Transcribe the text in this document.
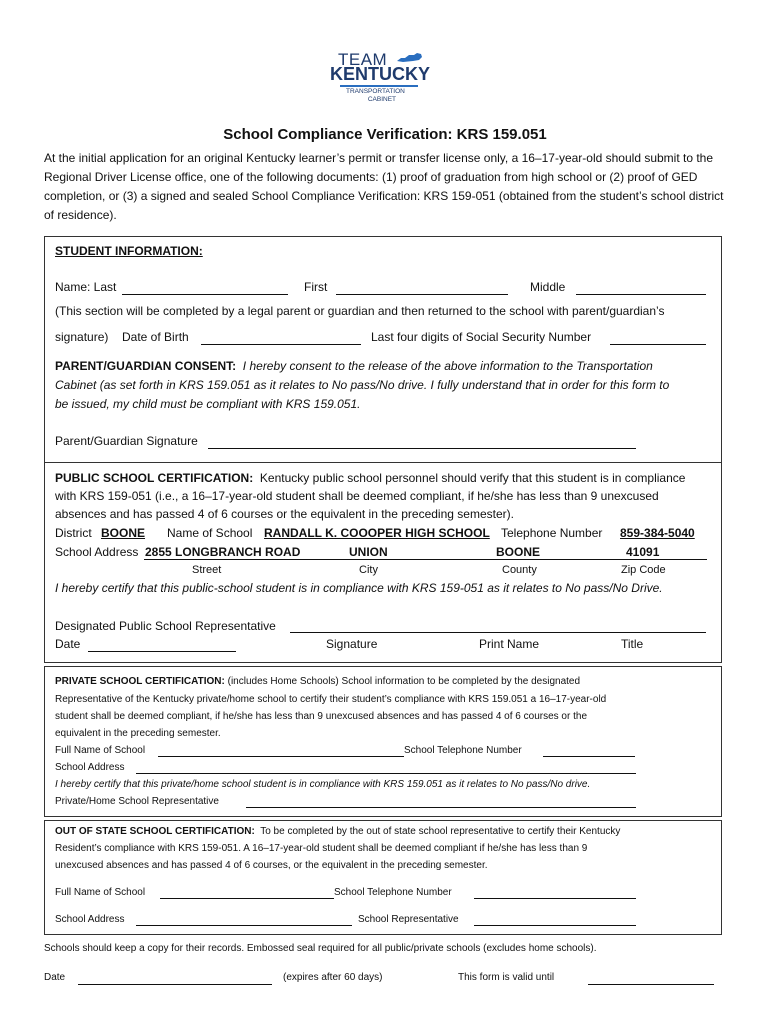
TEAM
KENTUCKY
TRANSPORTATION
CABINET
School Compliance Verification: KRS 159.051
At the initial application for an original Kentucky learner’s permit or transfer license only, a 16–17-year-old should submit to the Regional Driver License office, one of the following documents: (1) proof of graduation from high school or (2) proof of GED completion, or (3) a signed and sealed School Compliance Verification: KRS 159-051 (obtained from the student’s school district of residence).
STUDENT INFORMATION:
Name: Last	First	Middle
(This section will be completed by a legal parent or guardian and then returned to the school with parent/guardian’s
signature) Date of Birth	Last four digits of Social Security Number
PARENT/GUARDIAN CONSENT: I hereby consent to the release of the above information to the Transportation
Cabinet (as set forth in KRS 159.051 as it relates to No pass/No drive. I fully understand that in order for this form to
be issued, my child must be compliant with KRS 159.051.
Parent/Guardian Signature
PUBLIC SCHOOL CERTIFICATION: Kentucky public school personnel should verify that this student is in compliance
with KRS 159-051 (i.e., a 16–17-year-old student shall be deemed compliant, if he/she has less than 9 unexcused
absences and has passed 4 of 6 courses or the equivalent in the preceding semester).
District BOONE Name of School RANDALL K. COOOPER HIGH SCHOOL Telephone Number 859-384-5040
School Address 2855 LONGBRANCH ROAD	UNION	BOONE	41091
Street	City	County	Zip Code
I hereby certify that this public-school student is in compliance with KRS 159-051 as it relates to No pass/No Drive.
Designated Public School Representative
Date	Signature	Print Name	Title
PRIVATE SCHOOL CERTIFICATION: (includes Home Schools) School information to be completed by the designated
Representative of the Kentucky private/home school to certify their student’s compliance with KRS 159.051 a 16–17-year-old
student shall be deemed compliant, if he/she has less than 9 unexcused absences and has passed 4 of 6 courses or the
equivalent in the preceding semester.
Full Name of School	School Telephone Number
School Address
I hereby certify that this private/home school student is in compliance with KRS 159.051 as it relates to No pass/No drive.
Private/Home School Representative
OUT OF STATE SCHOOL CERTIFICATION: To be completed by the out of state school representative to certify their Kentucky
Resident’s compliance with KRS 159-051. A 16–17-year-old student shall be deemed compliant if he/she has less than 9
unexcused absences and has passed 4 of 6 courses, or the equivalent in the preceding semester.
Full Name of School	School Telephone Number
School Address	School Representative
Schools should keep a copy for their records. Embossed seal required for all public/private schools (excludes home schools).
Date	(expires after 60 days)	This form is valid until
